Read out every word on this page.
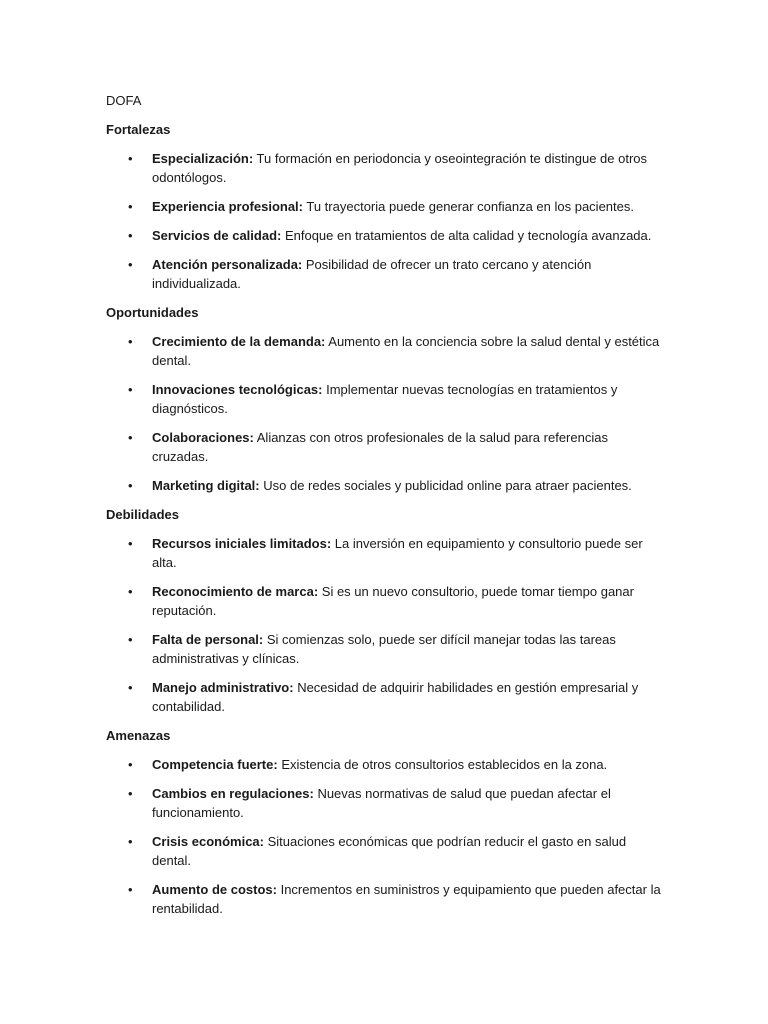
DOFA

Fortalezas

• Especialización: Tu formación en periodoncia y oseointegración te distingue de otros odontólogos.
• Experiencia profesional: Tu trayectoria puede generar confianza en los pacientes.
• Servicios de calidad: Enfoque en tratamientos de alta calidad y tecnología avanzada.
• Atención personalizada: Posibilidad de ofrecer un trato cercano y atención individualizada.

Oportunidades

• Crecimiento de la demanda: Aumento en la conciencia sobre la salud dental y estética dental.
• Innovaciones tecnológicas: Implementar nuevas tecnologías en tratamientos y diagnósticos.
• Colaboraciones: Alianzas con otros profesionales de la salud para referencias cruzadas.
• Marketing digital: Uso de redes sociales y publicidad online para atraer pacientes.

Debilidades

• Recursos iniciales limitados: La inversión en equipamiento y consultorio puede ser alta.
• Reconocimiento de marca: Si es un nuevo consultorio, puede tomar tiempo ganar reputación.
• Falta de personal: Si comienzas solo, puede ser difícil manejar todas las tareas administrativas y clínicas.
• Manejo administrativo: Necesidad de adquirir habilidades en gestión empresarial y contabilidad.

Amenazas

• Competencia fuerte: Existencia de otros consultorios establecidos en la zona.
• Cambios en regulaciones: Nuevas normativas de salud que puedan afectar el funcionamiento.
• Crisis económica: Situaciones económicas que podrían reducir el gasto en salud dental.
• Aumento de costos: Incrementos en suministros y equipamiento que pueden afectar la rentabilidad.
